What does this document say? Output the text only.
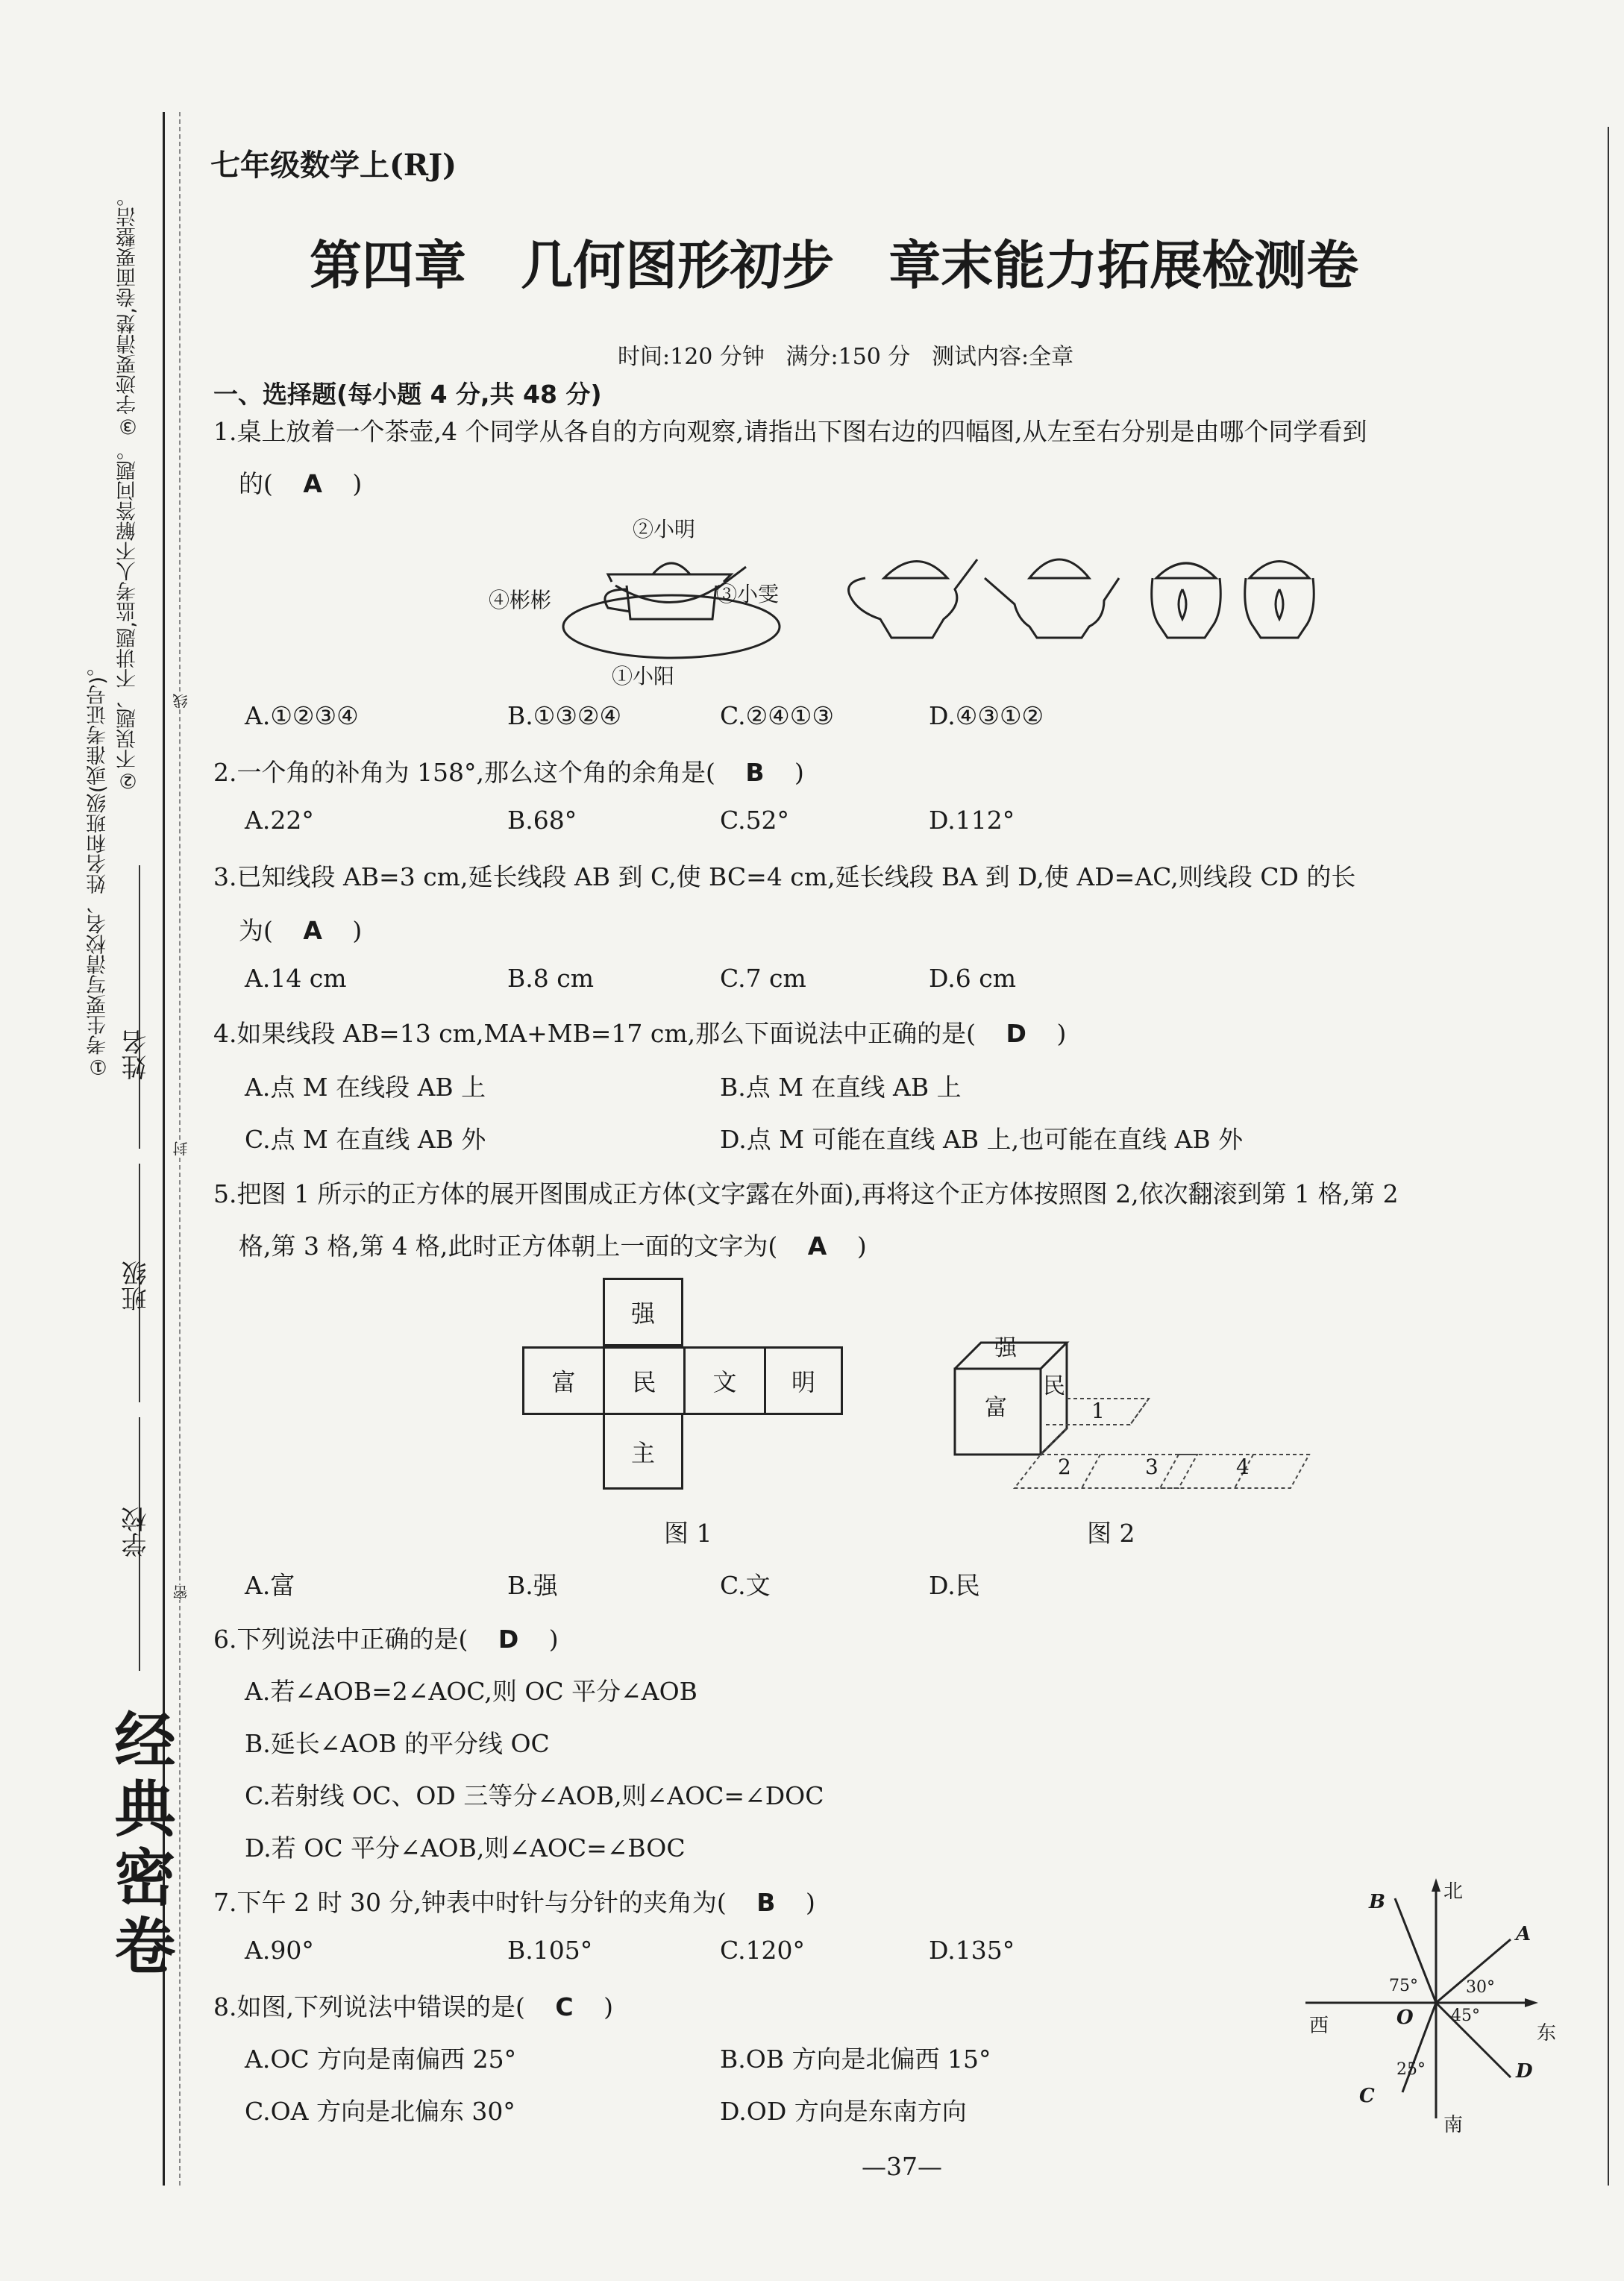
①考生要写清校名、姓名和班级(或准考证号)。
②不误题、不讲题,监考人不解答问题。
③字迹要清楚,卷面要整洁。
线
封
密
姓名
班级
学校
经典密卷
七年级数学上(RJ)
第四章   几何图形初步   章末能力拓展检测卷
时间:120 分钟   满分:150 分   测试内容:全章
一、选择题(每小题 4 分,共 48 分)
1.桌上放着一个茶壶,4 个同学从各自的方向观察,请指出下图右边的四幅图,从左至右分别是由哪个同学看到
的( A )
②小明
④彬彬	③小雯
①小阳
A.①②③④	B.①③②④	C.②④①③	D.④③①②
2.一个角的补角为 158°,那么这个角的余角是( B )
A.22°	B.68°	C.52°	D.112°
3.已知线段 AB=3 cm,延长线段 AB 到 C,使 BC=4 cm,延长线段 BA 到 D,使 AD=AC,则线段 CD 的长
为( A )
A.14 cm	B.8 cm	C.7 cm	D.6 cm
4.如果线段 AB=13 cm,MA+MB=17 cm,那么下面说法中正确的是( D )
A.点 M 在线段 AB 上	B.点 M 在直线 AB 上
C.点 M 在直线 AB 外	D.点 M 可能在直线 AB 上,也可能在直线 AB 外
5.把图 1 所示的正方体的展开图围成正方体(文字露在外面),再将这个正方体按照图 2,依次翻滚到第 1 格,第 2
格,第 3 格,第 4 格,此时正方体朝上一面的文字为( A )
强
富	民	文	明
主
图 1
强
富
民
1
2	3	4
图 2
A.富	B.强	C.文	D.民
6.下列说法中正确的是( D )
A.若∠AOB=2∠AOC,则 OC 平分∠AOB
B.延长∠AOB 的平分线 OC
C.若射线 OC、OD 三等分∠AOB,则∠AOC=∠DOC
D.若 OC 平分∠AOB,则∠AOC=∠BOC
7.下午 2 时 30 分,钟表中时针与分针的夹角为( B )
A.90°	B.105°	C.120°	D.135°
8.如图,下列说法中错误的是( C )
A.OC 方向是南偏西 25°	B.OB 方向是北偏西 15°
C.OA 方向是北偏东 30°	D.OD 方向是东南方向
北
南
东
西	O
A
B
C
D
75°	30°
45°
25°
—37—
